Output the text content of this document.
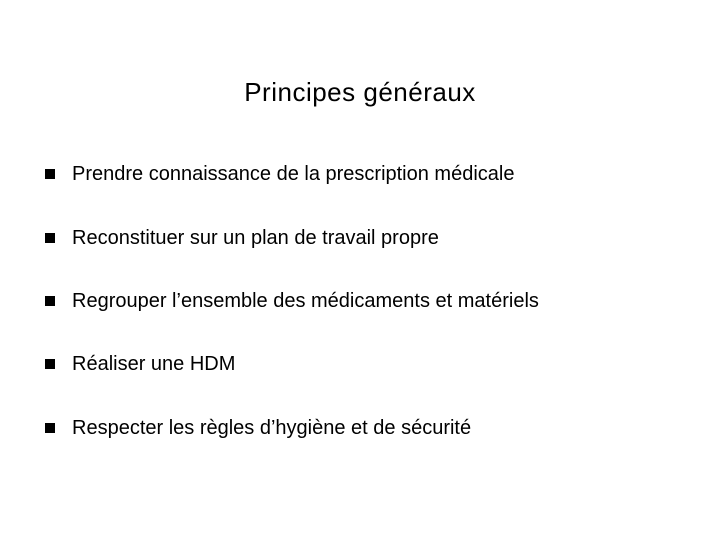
Principes généraux
Prendre connaissance de la prescription médicale
Reconstituer sur un plan de travail propre
Regrouper l’ensemble des médicaments et matériels
Réaliser une HDM
Respecter les règles d’hygiène et de sécurité
